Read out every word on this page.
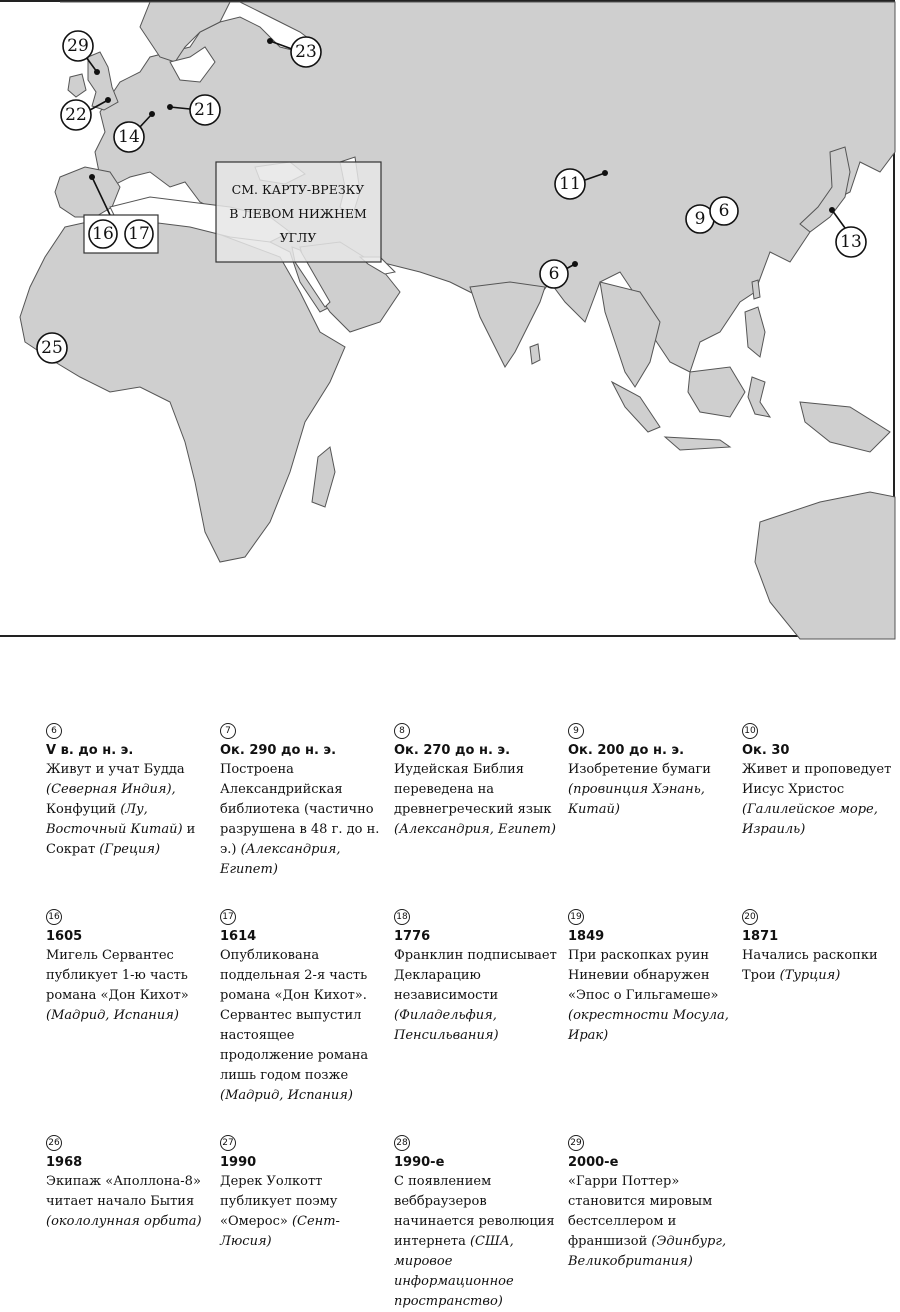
29	23
22	21
14
11
9 6
13
6
25
16 17
СМ. КАРТУ-ВРЕЗКУ
В ЛЕВОМ НИЖНЕМ
УГЛУ
6
V в. до н. э.
Живут и учат Будда (Северная Индия), Конфуций (Лу, Восточный Китай) и Сократ (Греция)
7
Ок. 290 до н. э.
Построена Александрийская библиотека (частично разрушена в 48 г. до н. э.) (Александрия, Египет)
8
Ок. 270 до н. э.
Иудейская Библия переведена на древнегреческий язык (Александрия, Египет)
9
Ок. 200 до н. э.
Изобретение бумаги (провинция Хэнань, Китай)
10
Ок. 30
Живет и проповедует Иисус Христос (Галилейское море, Израиль)
16
1605
Мигель Сервантес публикует 1-ю часть романа «Дон Кихот» (Мадрид, Испания)
17
1614
Опубликована поддельная 2-я часть романа «Дон Кихот». Сервантес выпустил настоящее продолжение романа лишь годом позже (Мадрид, Испания)
18
1776
Франклин подписывает Декларацию независимости (Филадельфия, Пенсильвания)
19
1849
При раскопках руин Ниневии обнаружен «Эпос о Гильгамеше» (окрестности Мосула, Ирак)
20
1871
Начались раскопки Трои (Турция)
26
1968
Экипаж «Аполлона-8» читает начало Бытия (окололунная орбита)
27
1990
Дерек Уолкотт публикует поэму «Омерос» (Сент-Люсия)
28
1990-е
С появлением веббраузеров начинается революция интернета (США, мировое информационное пространство)
29
2000-е
«Гарри Поттер» становится мировым бестселлером и франшизой (Эдинбург, Великобритания)
